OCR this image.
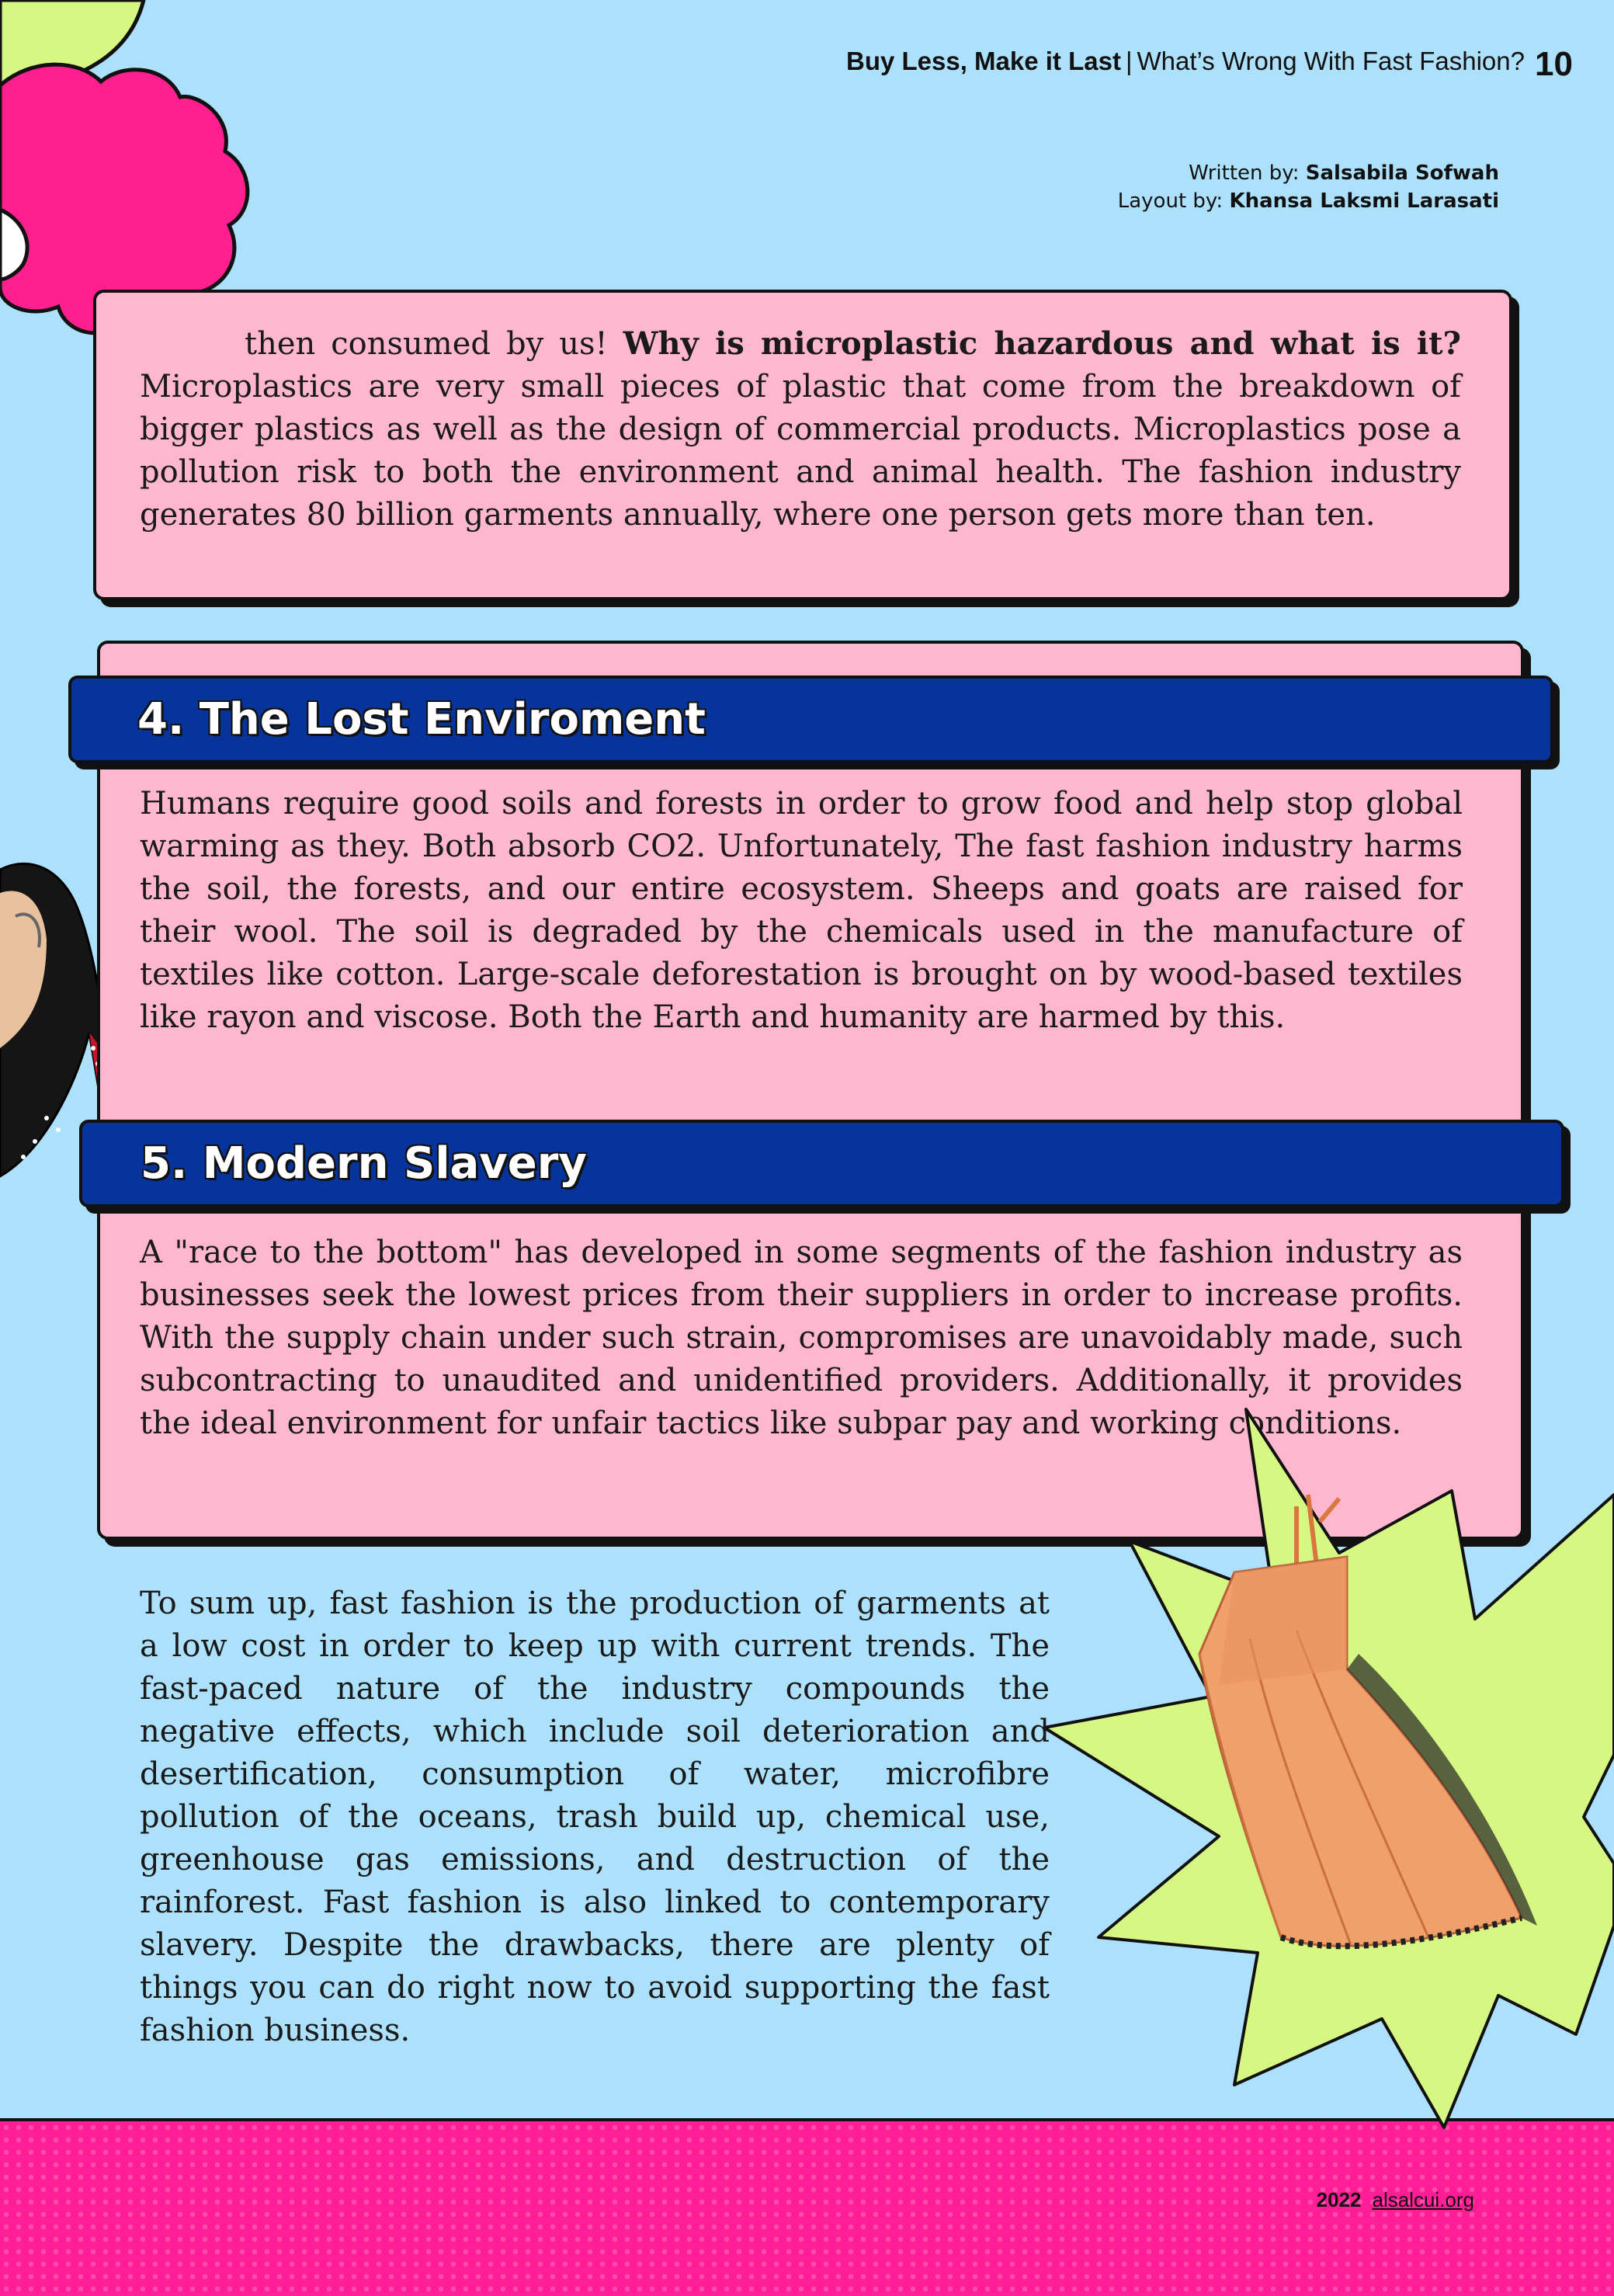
Buy Less, Make it Last | What’s Wrong With Fast Fashion? 10
Written by: Salsabila Sofwah
Layout by: Khansa Laksmi Larasati
then consumed by us! Why is microplastic hazardous and what is it? Microplastics are very small pieces of plastic that come from the breakdown of bigger plastics as well as the design of commercial products. Microplastics pose a pollution risk to both the environment and animal health. The fashion industry generates 80 billion garments annually, where one person gets more than ten.
4. The Lost Enviroment
Humans require good soils and forests in order to grow food and help stop global warming as they. Both absorb CO2. Unfortunately, The fast fashion industry harms the soil, the forests, and our entire ecosystem. Sheeps and goats are raised for their wool. The soil is degraded by the chemicals used in the manufacture of textiles like cotton. Large-scale deforestation is brought on by wood-based textiles like rayon and viscose. Both the Earth and humanity are harmed by this.
5. Modern Slavery
A "race to the bottom" has developed in some segments of the fashion industry as businesses seek the lowest prices from their suppliers in order to increase profits. With the supply chain under such strain, compromises are unavoidably made, such subcontracting to unaudited and unidentified providers. Additionally, it provides the ideal environment for unfair tactics like subpar pay and working conditions.
2022 alsalcui.org
To sum up, fast fashion is the production of garments at a low cost in order to keep up with current trends. The fast-paced nature of the industry compounds the negative effects, which include soil deterioration and desertification, consumption of water, microfibre pollution of the oceans, trash build up, chemical use, greenhouse gas emissions, and destruction of the rainforest. Fast fashion is also linked to contemporary slavery. Despite the drawbacks, there are plenty of things you can do right now to avoid supporting the fast fashion business.
